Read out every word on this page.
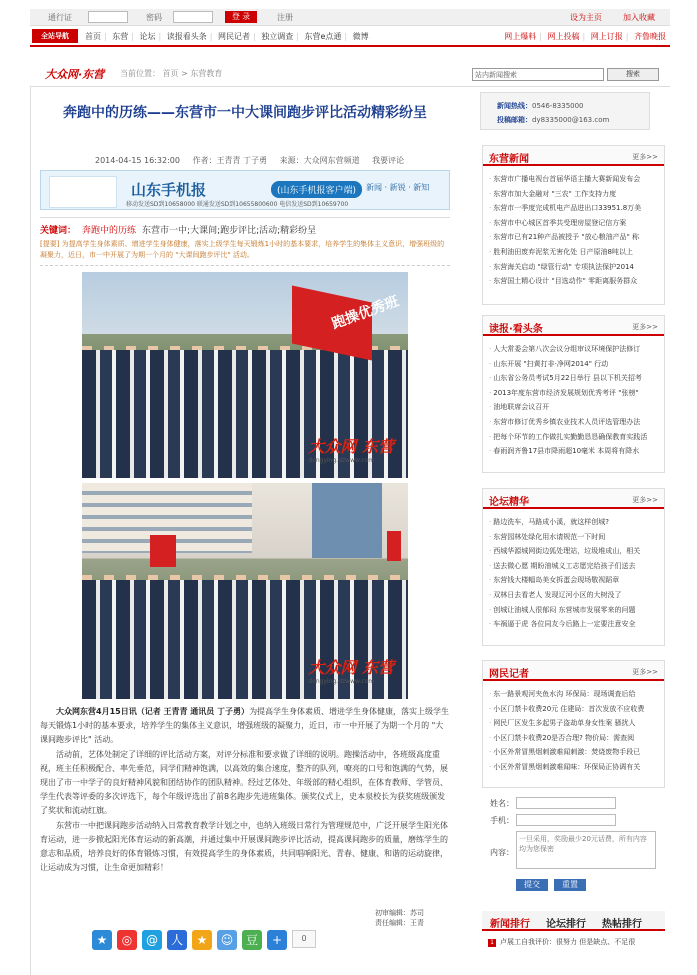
通行证	密码	登 录	注册	设为主页	加入收藏
全站导航	首页 | 东营 | 论坛 | 读报看头条 | 网民记者 | 独立调查 | 东营e点通 | 微博	网上爆料 | 网上投稿 | 网上订报 | 齐鲁晚报
大众网·东营 当前位置： 首页 > 东营教育
站内新闻搜索	搜索
奔跑中的历练——东营市一中大课间跑步评比活动精彩纷呈
2014-04-15 16:32:00 作者：王青青 丁子勇 来源：大众网东营频道 我要评论
山东手机报	(山东手机报客户端)	新闻 · 新锐 · 新知
移动发送SD到10658000 联通发送SD到10655800600 电信发送SD到10659700
关键词： 奔跑中的历练 东营市一中;大课间;跑步评比;活动;精彩纷呈
[提要] 为提高学生身体素质、增进学生身体健康，落实上级学生每天锻炼1小时的基本要求，培养学生的集体主义意识，增强班级的凝聚力，近日，市一中开展了为期一个月的 "大课间跑步评比" 活动。
跑操优秀班
大众网 东营
dongying.dzwww.com
大众网 东营
dongying.dzwww.com

大众网东营4月15日讯（记者 王青青 通讯员 丁子勇）为提高学生身体素质、增进学生身体健康，落实上级学生每天锻炼1小时的基本要求，培养学生的集体主义意识，增强班级的凝聚力，近日，市一中开展了为期一个月的 "大课间跑步评比" 活动。

活动前，艺体处制定了详细的评比活动方案，对评分标准和要求做了详细的说明。跑操活动中，各班级高度重视，班主任积极配合、率先垂范，同学们精神饱满，以高效的集合速度，整齐的队列，嘹亮的口号和饱满的气势，展现出了市一中学子的良好精神风貌和团结协作的团队精神。经过艺体处、年级部的精心组织，在体育教师、学管员、学生代表等评委的多次评选下，每个年级评选出了前8名跑步先进班集体。颁奖仪式上，史本泉校长为获奖班级颁发了奖状和流动红旗。

东营市一中把课间跑步活动纳入日常教育教学计划之中，也纳入班级日常行为管理规范中，广泛开展学生阳光体育运动，进一步掀起阳光体育运动的新高潮，并通过集中开展课间跑步评比活动，提高课间跑步的质量，磨练学生的意志和品质，培养良好的体育锻炼习惯，有效提高学生的身体素质，共同唱响阳光、青春、健康、和谐的运动旋律，让运动成为习惯，让生命更加精彩！

初审编辑：苏司
责任编辑：王青
★ ◎ @ 人 ★ ☺ 豆 + 0
新闻热线：0546-8335000
投稿邮箱：dy8335000@163.com
东营新闻	更多>>
· 东营市广播电视台首届华语主播大赛新闻发布会
· 东营市加大金融对 "三农" 工作支持力度
· 东营市一季度完成机电产品进出口33951.8万美
· 东营市中心城区首季共受理房屋登记信方案
· 东营市已有21种产品被授予 "放心粮油产品" 称
· 胜利油田废弃泥浆无害化处 日产原油8吨以上
· 东营海关启动 "绿管行动" 专项执法保护2014
· 东营国土精心设计 "目选动作" 零距离服务群众
读报·看头条	更多>>
· 人大常委会第八次会议分组审议环境保护法修订
· 山东开展 "扫黄打非·净网2014" 行动
· 山东省公务员考试5月22日举行 县以下机关招考
· 2013年度东营市经济发展规划优秀考评 "张榜"
· 油地联席会议召开
· 东营市修订优秀乡镇农业技术人员评选管理办法
· 把每个环节的工作做扎实勤勤恳恳确保教育实践活
· 春雨润齐鲁17县市降雨超10毫米 本周将有降水
论坛精华	更多>>
· 路边洗车，马路成小溪，就这样创城?
· 东营园林处绿化用水请规范一下时间
· 西城华源城网街边狐处理站，垃圾堆成山，相关
· 送去微心愿 期盼油城义工志愿完给孩子们送去
· 东营钱大楼幅岛美女拆蛋会现场敬视蹈章
· 双林日去看老人 发现辽河小区的大树没了
· 创城让油城人很郁闷 东营城市发展零来的问题
· 车祸逼于虎 各位同友今后路上一定要注意安全
网民记者	更多>>
· 东一路景观河夹鱼水沟 环保局：现场调查后给
· 小区门禁卡收费20元 住建局：首次发放不应收费
· 网民厂区发生多起男子盗劫单身女性案 骚扰人
· 小区门禁卡收费20是否合理? 物价局：需查阅
· 小区外常冒黑烟刺激难闻刺激：焚烧废物手段已
· 小区外常冒黑烟刺激难闻味：环保局正协调有关
姓名：
手机：
内容：
一旦采用，奖励最少20元话费，所有内容均为您保密
提交	重置
新闻排行 论坛排行 热帖排行
1 卢展工自我评价：很努力 但是缺点、不足很
